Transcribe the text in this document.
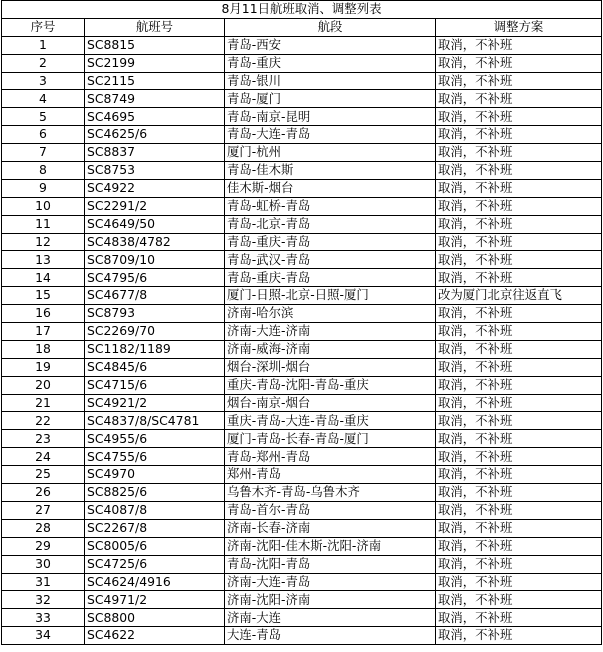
8月11日航班取消、调整列表			
序号	航班号	航段	调整方案
1	SC8815	青岛-西安	取消，不补班
2	SC2199	青岛-重庆	取消，不补班
3	SC2115	青岛-银川	取消，不补班
4	SC8749	青岛-厦门	取消，不补班
5	SC4695	青岛-南京-昆明	取消，不补班
6	SC4625/6	青岛-大连-青岛	取消，不补班
7	SC8837	厦门-杭州	取消，不补班
8	SC8753	青岛-佳木斯	取消，不补班
9	SC4922	佳木斯-烟台	取消，不补班
10	SC2291/2	青岛-虹桥-青岛	取消，不补班
11	SC4649/50	青岛-北京-青岛	取消，不补班
12	SC4838/4782	青岛-重庆-青岛	取消，不补班
13	SC8709/10	青岛-武汉-青岛	取消，不补班
14	SC4795/6	青岛-重庆-青岛	取消，不补班
15	SC4677/8	厦门-日照-北京-日照-厦门	改为厦门北京往返直飞
16	SC8793	济南-哈尔滨	取消，不补班
17	SC2269/70	济南-大连-济南	取消，不补班
18	SC1182/1189	济南-威海-济南	取消，不补班
19	SC4845/6	烟台-深圳-烟台	取消，不补班
20	SC4715/6	重庆-青岛-沈阳-青岛-重庆	取消，不补班
21	SC4921/2	烟台-南京-烟台	取消，不补班
22	SC4837/8/SC4781	重庆-青岛-大连-青岛-重庆	取消，不补班
23	SC4955/6	厦门-青岛-长春-青岛-厦门	取消，不补班
24	SC4755/6	青岛-郑州-青岛	取消，不补班
25	SC4970	郑州-青岛	取消，不补班
26	SC8825/6	乌鲁木齐-青岛-乌鲁木齐	取消，不补班
27	SC4087/8	青岛-首尔-青岛	取消，不补班
28	SC2267/8	济南-长春-济南	取消，不补班
29	SC8005/6	济南-沈阳-佳木斯-沈阳-济南	取消，不补班
30	SC4725/6	青岛-沈阳-青岛	取消，不补班
31	SC4624/4916	济南-大连-青岛	取消，不补班
32	SC4971/2	济南-沈阳-济南	取消，不补班
33	SC8800	济南-大连	取消，不补班
34	SC4622	大连-青岛	取消，不补班
